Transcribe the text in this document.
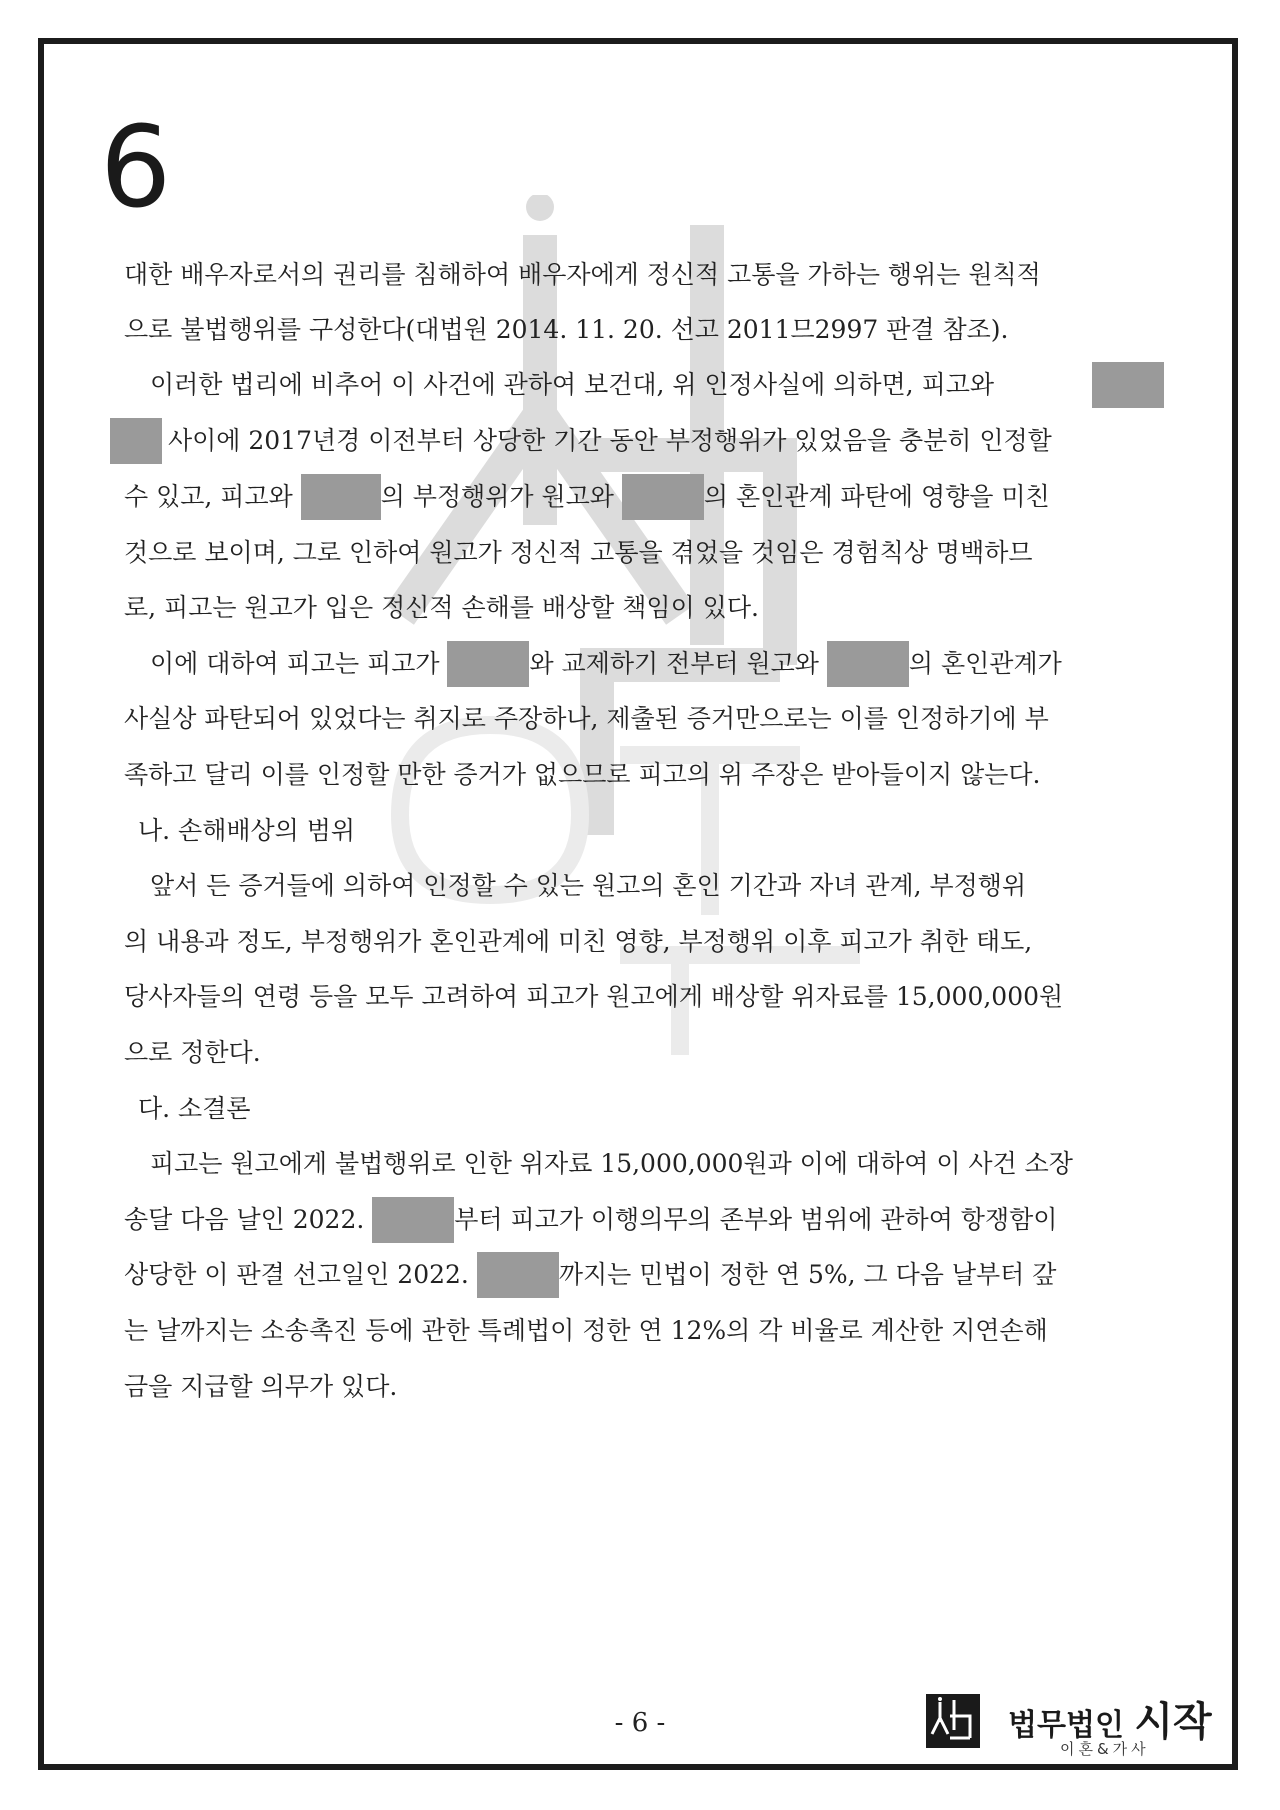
6
대한 배우자로서의 권리를 침해하여 배우자에게 정신적 고통을 가하는 행위는 원칙적
으로 불법행위를 구성한다(대법원 2014. 11. 20. 선고 2011므2997 판결 참조).
이러한 법리에 비추어 이 사건에 관하여 보건대, 위 인정사실에 의하면, 피고와
사이에 2017년경 이전부터 상당한 기간 동안 부정행위가 있었음을 충분히 인정할
수 있고, 피고와	의 부정행위가 원고와	의 혼인관계 파탄에 영향을 미친
것으로 보이며, 그로 인하여 원고가 정신적 고통을 겪었을 것임은 경험칙상 명백하므
로, 피고는 원고가 입은 정신적 손해를 배상할 책임이 있다.
이에 대하여 피고는 피고가	와 교제하기 전부터 원고와	의 혼인관계가
사실상 파탄되어 있었다는 취지로 주장하나, 제출된 증거만으로는 이를 인정하기에 부
족하고 달리 이를 인정할 만한 증거가 없으므로 피고의 위 주장은 받아들이지 않는다.
나. 손해배상의 범위
앞서 든 증거들에 의하여 인정할 수 있는 원고의 혼인 기간과 자녀 관계, 부정행위
의 내용과 정도, 부정행위가 혼인관계에 미친 영향, 부정행위 이후 피고가 취한 태도,
당사자들의 연령 등을 모두 고려하여 피고가 원고에게 배상할 위자료를 15,000,000원
으로 정한다.
다. 소결론
피고는 원고에게 불법행위로 인한 위자료 15,000,000원과 이에 대하여 이 사건 소장
송달 다음 날인 2022.	부터 피고가 이행의무의 존부와 범위에 관하여 항쟁함이
상당한 이 판결 선고일인 2022.	까지는 민법이 정한 연 5%, 그 다음 날부터 갚
는 날까지는 소송촉진 등에 관한 특례법이 정한 연 12%의 각 비율로 계산한 지연손해
금을 지급할 의무가 있다.
- 6 -	법무법인 시작
이혼&가사
